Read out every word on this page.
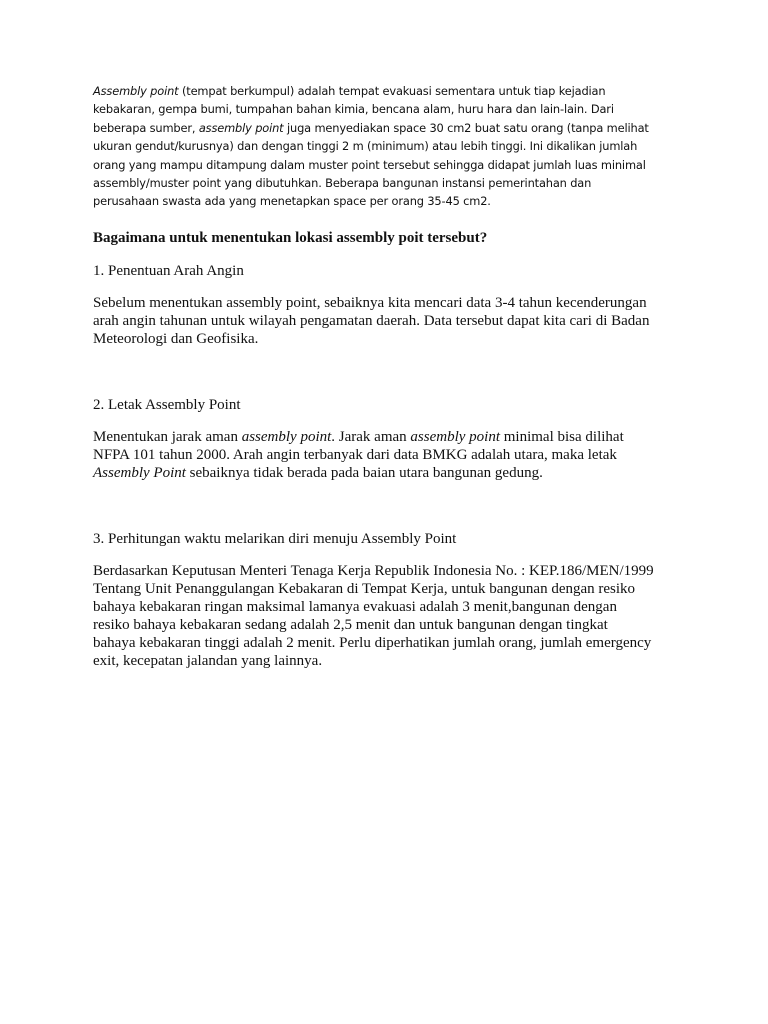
Assembly point (tempat berkumpul) adalah tempat evakuasi sementara untuk tiap kejadian
kebakaran, gempa bumi, tumpahan bahan kimia, bencana alam, huru hara dan lain-lain. Dari
beberapa sumber, assembly point juga menyediakan space 30 cm2 buat satu orang (tanpa melihat
ukuran gendut/kurusnya) dan dengan tinggi 2 m (minimum) atau lebih tinggi. Ini dikalikan jumlah
orang yang mampu ditampung dalam muster point tersebut sehingga didapat jumlah luas minimal
assembly/muster point yang dibutuhkan. Beberapa bangunan instansi pemerintahan dan
perusahaan swasta ada yang menetapkan space per orang 35-45 cm2.
Bagaimana untuk menentukan lokasi assembly poit tersebut?
1. Penentuan Arah Angin
Sebelum menentukan assembly point, sebaiknya kita mencari data 3-4 tahun kecenderungan
arah angin tahunan untuk wilayah pengamatan daerah. Data tersebut dapat kita cari di Badan
Meteorologi dan Geofisika.
2. Letak Assembly Point
Menentukan jarak aman assembly point. Jarak aman assembly point minimal bisa dilihat
NFPA 101 tahun 2000. Arah angin terbanyak dari data BMKG adalah utara, maka letak
Assembly Point sebaiknya tidak berada pada baian utara bangunan gedung.
3. Perhitungan waktu melarikan diri menuju Assembly Point
Berdasarkan Keputusan Menteri Tenaga Kerja Republik Indonesia No. : KEP.186/MEN/1999
Tentang Unit Penanggulangan Kebakaran di Tempat Kerja, untuk bangunan dengan resiko
bahaya kebakaran ringan maksimal lamanya evakuasi adalah 3 menit,bangunan dengan
resiko bahaya kebakaran sedang adalah 2,5 menit dan untuk bangunan dengan tingkat
bahaya kebakaran tinggi adalah 2 menit. Perlu diperhatikan jumlah orang, jumlah emergency
exit, kecepatan jalandan yang lainnya.
